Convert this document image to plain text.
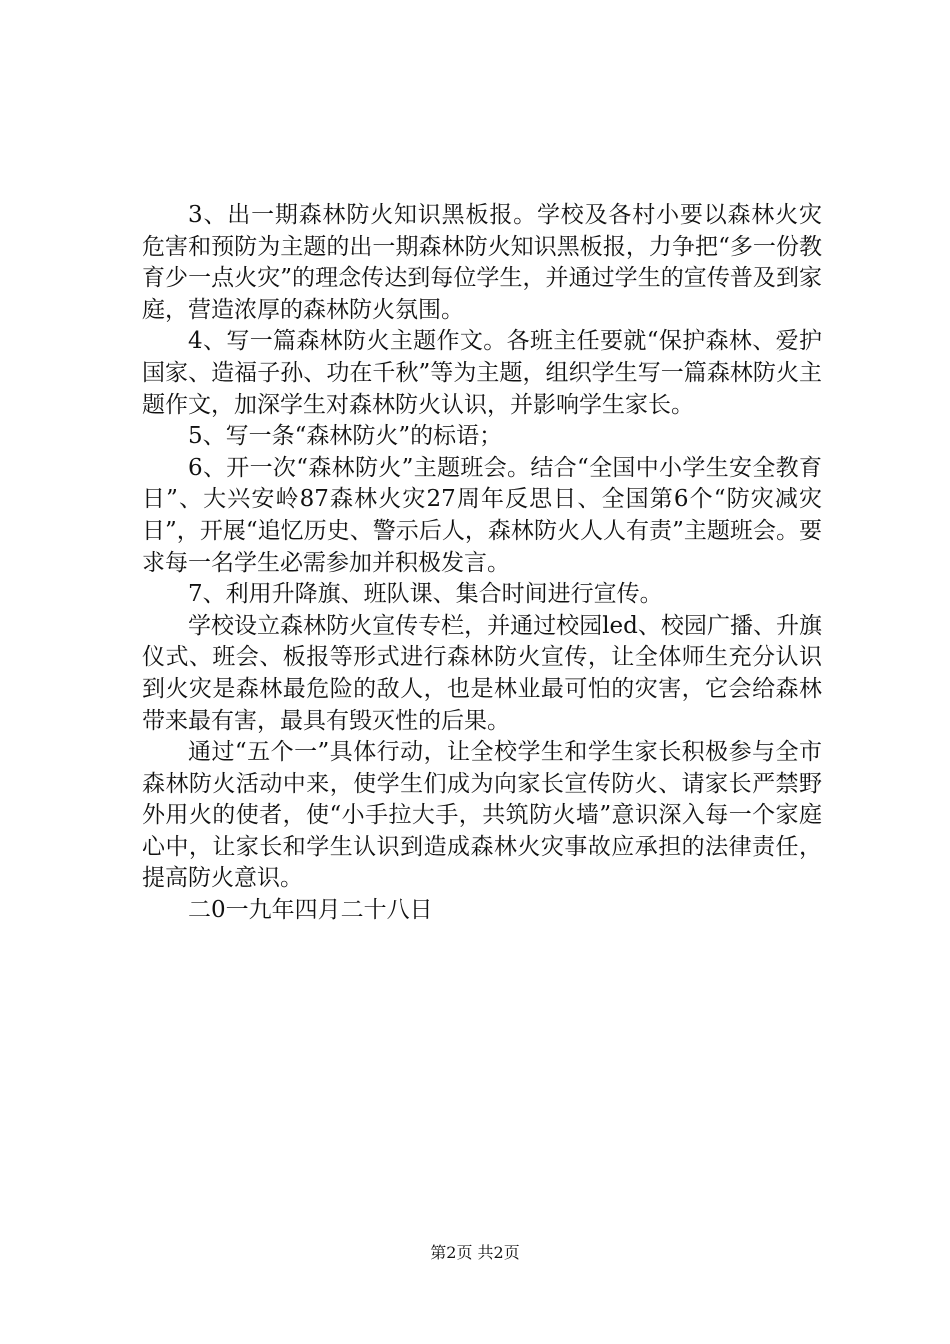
3、出一期森林防火知识黑板报。学校及各村小要以森林火灾危害和预防为主题的出一期森林防火知识黑板报，力争把“多一份教育少一点火灾”的理念传达到每位学生，并通过学生的宣传普及到家庭，营造浓厚的森林防火氛围。

4、写一篇森林防火主题作文。各班主任要就“保护森林、爱护国家、造福子孙、功在千秋”等为主题，组织学生写一篇森林防火主题作文，加深学生对森林防火认识，并影响学生家长。

5、写一条“森林防火”的标语；

6、开一次“森林防火”主题班会。结合“全国中小学生安全教育日”、大兴安岭87森林火灾27周年反思日、全国第6个“防灾减灾日”，开展“追忆历史、警示后人，森林防火人人有责”主题班会。要求每一名学生必需参加并积极发言。

7、利用升降旗、班队课、集合时间进行宣传。

学校设立森林防火宣传专栏，并通过校园led、校园广播、升旗仪式、班会、板报等形式进行森林防火宣传，让全体师生充分认识到火灾是森林最危险的敌人，也是林业最可怕的灾害，它会给森林带来最有害，最具有毁灭性的后果。

通过“五个一”具体行动，让全校学生和学生家长积极参与全市森林防火活动中来，使学生们成为向家长宣传防火、请家长严禁野外用火的使者，使“小手拉大手，共筑防火墙”意识深入每一个家庭心中，让家长和学生认识到造成森林火灾事故应承担的法律责任，提高防火意识。

二0一九年四月二十八日

第2页 共2页
